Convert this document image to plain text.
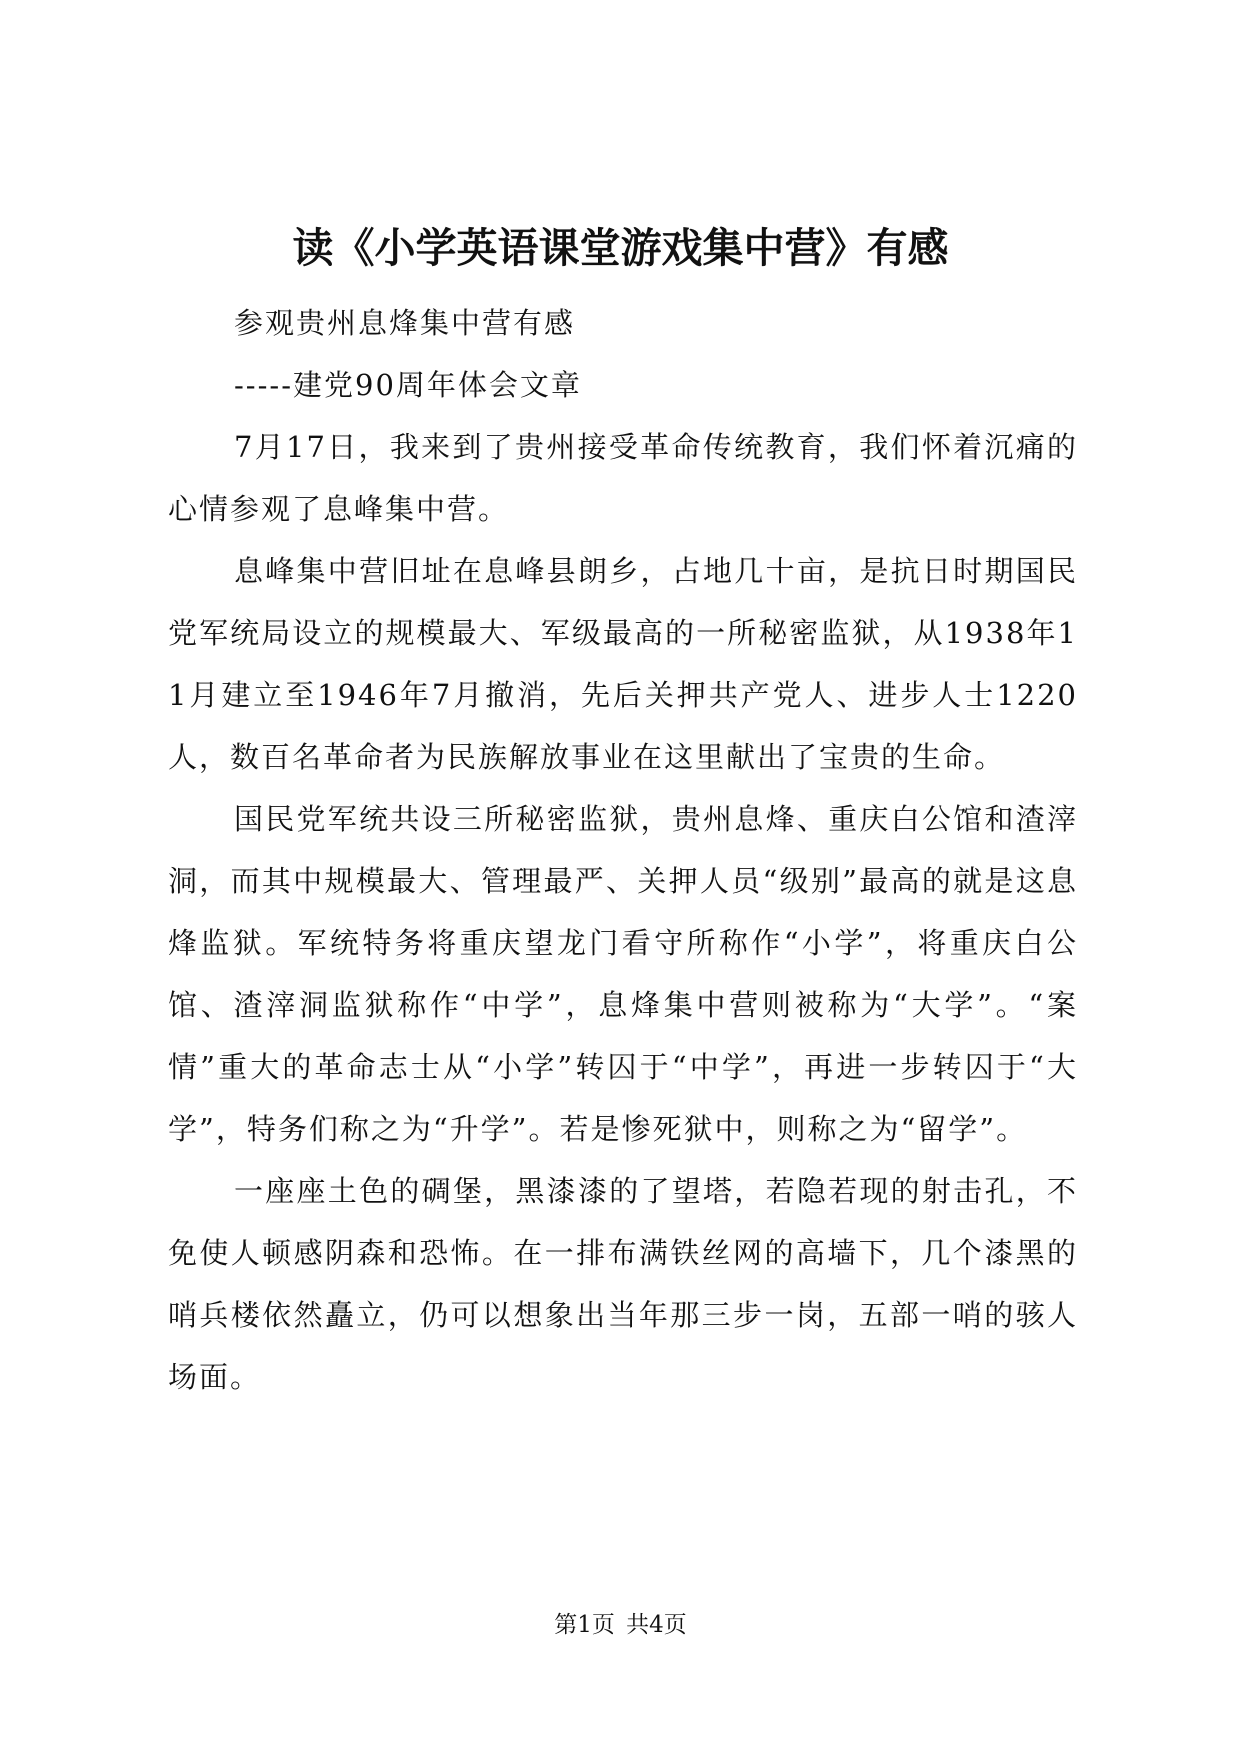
读《小学英语课堂游戏集中营》有感

参观贵州息烽集中营有感

-----建党90周年体会文章

7月17日，我来到了贵州接受革命传统教育，我们怀着沉痛的心情参观了息峰集中营。

息峰集中营旧址在息峰县朗乡，占地几十亩，是抗日时期国民党军统局设立的规模最大、军级最高的一所秘密监狱，从1938年11月建立至1946年7月撤消，先后关押共产党人、进步人士1220人，数百名革命者为民族解放事业在这里献出了宝贵的生命。

国民党军统共设三所秘密监狱，贵州息烽、重庆白公馆和渣滓洞，而其中规模最大、管理最严、关押人员“级别”最高的就是这息烽监狱。军统特务将重庆望龙门看守所称作“小学”，将重庆白公馆、渣滓洞监狱称作“中学”，息烽集中营则被称为“大学”。“案情”重大的革命志士从“小学”转囚于“中学”，再进一步转囚于“大学”，特务们称之为“升学”。若是惨死狱中，则称之为“留学”。

一座座土色的碉堡，黑漆漆的了望塔，若隐若现的射击孔，不免使人顿感阴森和恐怖。在一排布满铁丝网的高墙下，几个漆黑的哨兵楼依然矗立，仍可以想象出当年那三步一岗，五部一哨的骇人场面。

第1页 共4页
